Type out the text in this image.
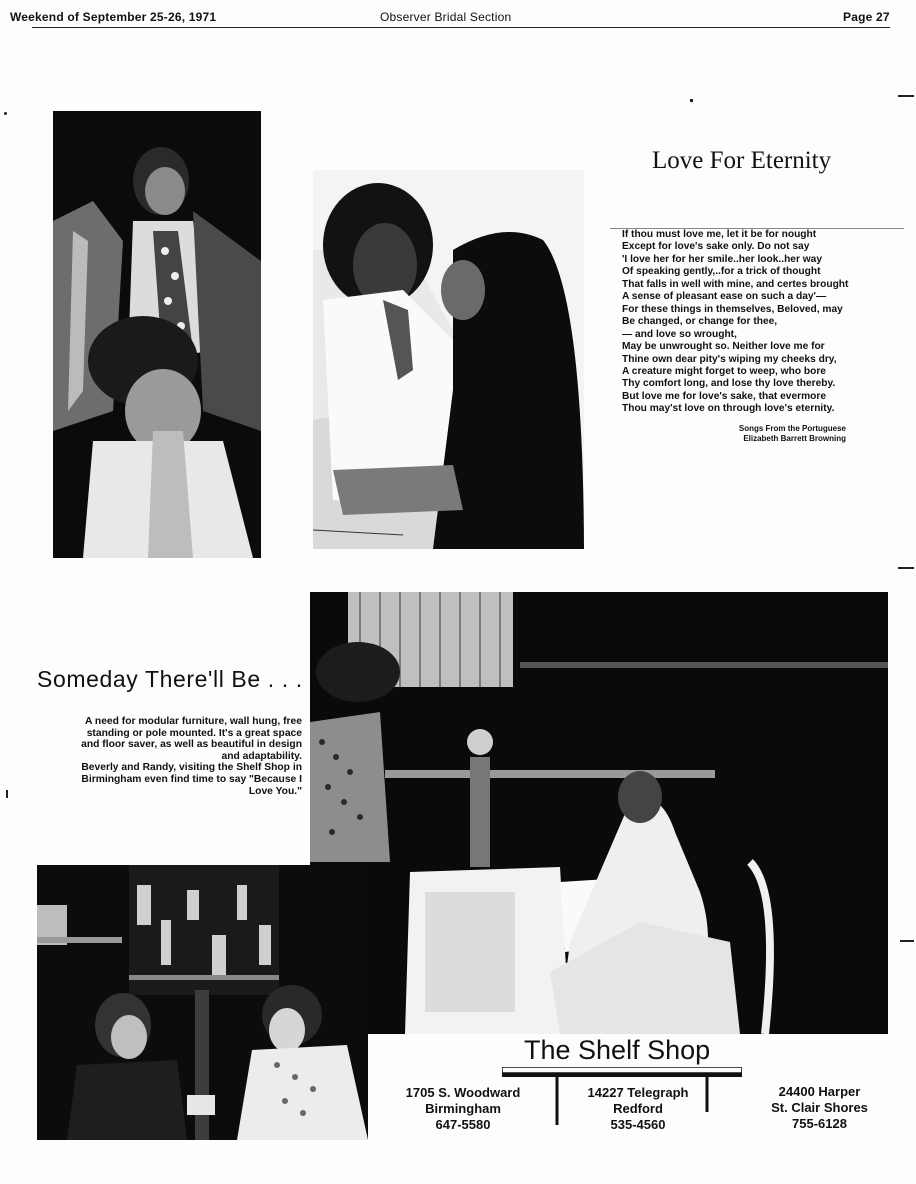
Weekend of September 25-26, 1971	Observer Bridal Section	Page 27
Love For Eternity
If thou must love me, let it be for nought
Except for love's sake only. Do not say
'I love her for her smile..her look..her way
Of speaking gently,..for a trick of thought
That falls in well with mine, and certes brought
A sense of pleasant ease on such a day'—
For these things in themselves, Beloved, may
Be changed, or change for thee,
— and love so wrought,
May be unwrought so. Neither love me for
Thine own dear pity's wiping my cheeks dry,
A creature might forget to weep, who bore
Thy comfort long, and lose thy love thereby.
But love me for love's sake, that evermore
Thou may'st love on through love's eternity.
Songs From the Portuguese
Elizabeth Barrett Browning
Someday There'll Be . . .
A need for modular furniture, wall hung, free standing or pole mounted. It's a great space and floor saver, as well as beautiful in design and adaptability.
Beverly and Randy, visiting the Shelf Shop in Birmingham even find time to say "Because I Love You."
The Shelf Shop
1705 S. Woodward
Birmingham
647-5580
14227 Telegraph
Redford
535-4560
24400 Harper
St. Clair Shores
755-6128
